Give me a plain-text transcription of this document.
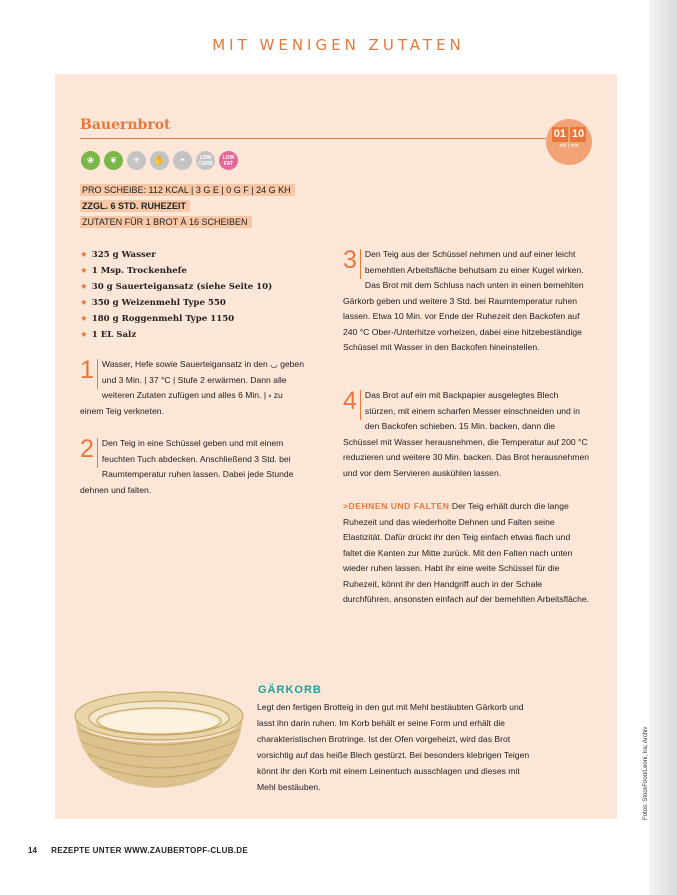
MIT WENIGEN ZUTATEN
Bauernbrot
01 10
std | min
❀	❦	✳	✋	◓	LOW
CARB
LOW
FAT
PRO SCHEIBE: 112 KCAL | 3 G E | 0 G F | 24 G KH
ZZGL. 6 STD. RUHEZEIT
ZUTATEN FÜR 1 BROT À 16 SCHEIBEN
★ 325 g Wasser
★ 1 Msp. Trockenhefe
★ 30 g Sauerteigansatz (siehe Seite 10)
★ 350 g Weizenmehl Type 550
★ 180 g Roggenmehl Type 1150
★ 1 EL Salz
1 Wasser, Hefe sowie Sauerteigansatz in den ◡ geben und 3 Min. | 37 °C | Stufe 2 erwärmen. Dann alle weiteren Zutaten zufügen und alles 6 Min. | ⸗ zu einem Teig verkneten.

2 Den Teig in eine Schüssel geben und mit einem feuchten Tuch abdecken. Anschließend 3 Std. bei Raumtemperatur ruhen lassen. Dabei jede Stunde dehnen und falten.

3 Den Teig aus der Schüssel nehmen und auf einer leicht bemehlten Arbeitsfläche behutsam zu einer Kugel wirken. Das Brot mit dem Schluss nach unten in einen bemehlten Gärkorb geben und weitere 3 Std. bei Raumtemperatur ruhen lassen. Etwa 10 Min. vor Ende der Ruhezeit den Backofen auf 240 °C Ober-/Unterhitze vorheizen, dabei eine hitzebeständige Schüssel mit Wasser in den Backofen hineinstellen.

4 Das Brot auf ein mit Backpapier ausgelegtes Blech stürzen, mit einem scharfen Messer einschneiden und in den Backofen schieben. 15 Min. backen, dann die Schüssel mit Wasser herausnehmen, die Temperatur auf 200 °C reduzieren und weitere 30 Min. backen. Das Brot herausnehmen und vor dem Servieren auskühlen lassen.

>DEHNEN UND FALTEN Der Teig erhält durch die lange Ruhezeit und das wiederholte Dehnen und Falten seine Elastizität. Dafür drückt ihr den Teig einfach etwas flach und faltet die Kanten zur Mitte zurück. Mit den Falten nach unten wieder ruhen lassen. Habt ihr eine weite Schüssel für die Ruhezeit, könnt ihr den Handgriff auch in der Schale durchführen, ansonsten einfach auf der bemehlten Arbeitsfläche.
GÄRKORB
Legt den fertigen Brotteig in den gut mit Mehl bestäubten Gärkorb und lasst ihn darin ruhen. Im Korb behält er seine Form und erhält die charakteristischen Brotringe. Ist der Ofen vorgeheizt, wird das Brot vorsichtig auf das heiße Blech gestürzt. Bei besonders klebrigen Teigen könnt ihr den Korb mit einem Leinentuch ausschlagen und dieses mit Mehl bestäuben.
14 REZEPTE UNTER WWW.ZAUBERTOPF-CLUB.DE
Fotos: StockFood/Leoni, Ira; Archiv
